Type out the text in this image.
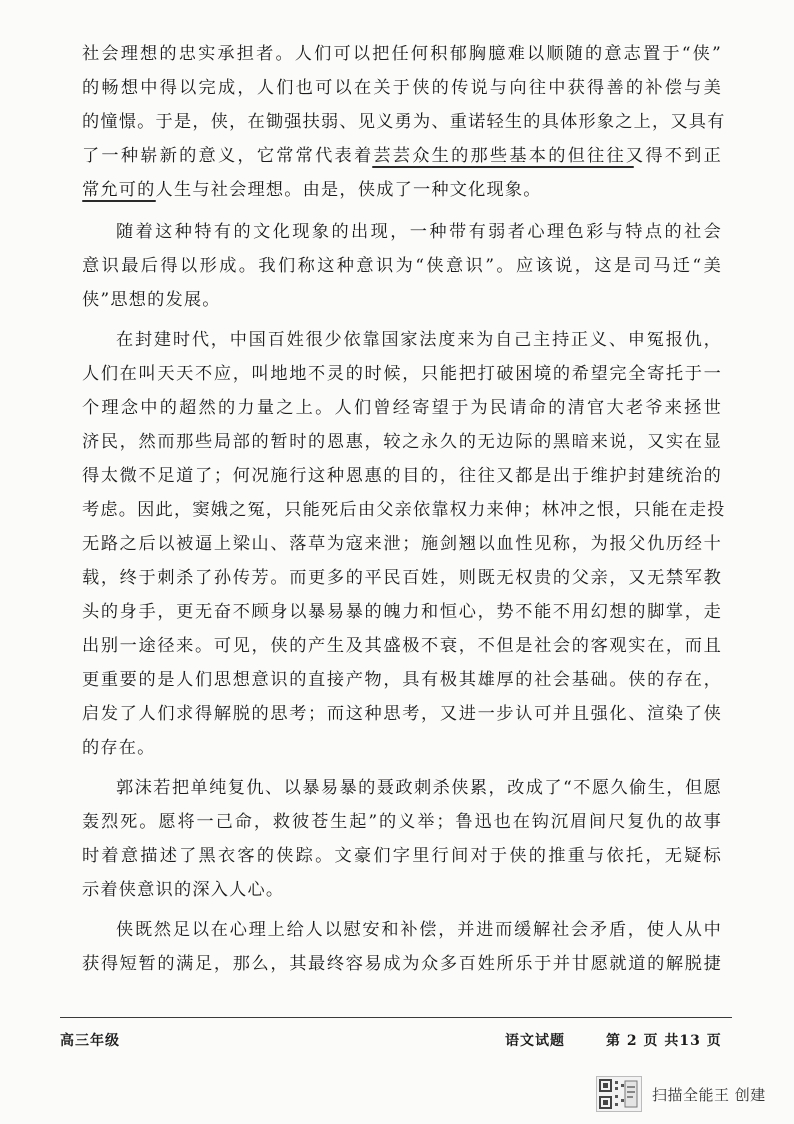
社会理想的忠实承担者。人们可以把任何积郁胸臆难以顺随的意志置于“侠”
的畅想中得以完成，人们也可以在关于侠的传说与向往中获得善的补偿与美
的憧憬。于是，侠，在锄强扶弱、见义勇为、重诺轻生的具体形象之上，又具有
了一种崭新的意义，它常常代表着芸芸众生的那些基本的但往往又得不到正
常允可的人生与社会理想。由是，侠成了一种文化现象。
随着这种特有的文化现象的出现，一种带有弱者心理色彩与特点的社会
意识最后得以形成。我们称这种意识为“侠意识”。应该说，这是司马迁“美
侠”思想的发展。
在封建时代，中国百姓很少依靠国家法度来为自己主持正义、申冤报仇，
人们在叫天天不应，叫地地不灵的时候，只能把打破困境的希望完全寄托于一
个理念中的超然的力量之上。人们曾经寄望于为民请命的清官大老爷来拯世
济民，然而那些局部的暂时的恩惠，较之永久的无边际的黑暗来说，又实在显
得太微不足道了；何况施行这种恩惠的目的，往往又都是出于维护封建统治的
考虑。因此，窦娥之冤，只能死后由父亲依靠权力来伸；林冲之恨，只能在走投
无路之后以被逼上梁山、落草为寇来泄；施剑翘以血性见称，为报父仇历经十
载，终于刺杀了孙传芳。而更多的平民百姓，则既无权贵的父亲，又无禁军教
头的身手，更无奋不顾身以暴易暴的魄力和恒心，势不能不用幻想的脚掌，走
出别一途径来。可见，侠的产生及其盛极不衰，不但是社会的客观实在，而且
更重要的是人们思想意识的直接产物，具有极其雄厚的社会基础。侠的存在，
启发了人们求得解脱的思考；而这种思考，又进一步认可并且强化、渲染了侠
的存在。
郭沫若把单纯复仇、以暴易暴的聂政刺杀侠累，改成了“不愿久偷生，但愿
轰烈死。愿将一己命，救彼苍生起”的义举；鲁迅也在钩沉眉间尺复仇的故事
时着意描述了黑衣客的侠踪。文豪们字里行间对于侠的推重与依托，无疑标
示着侠意识的深入人心。
侠既然足以在心理上给人以慰安和补偿，并进而缓解社会矛盾，使人从中
获得短暂的满足，那么，其最终容易成为众多百姓所乐于并甘愿就道的解脱捷
高三年级	语文试题	第 2 页 共13 页
扫描全能王 创建
